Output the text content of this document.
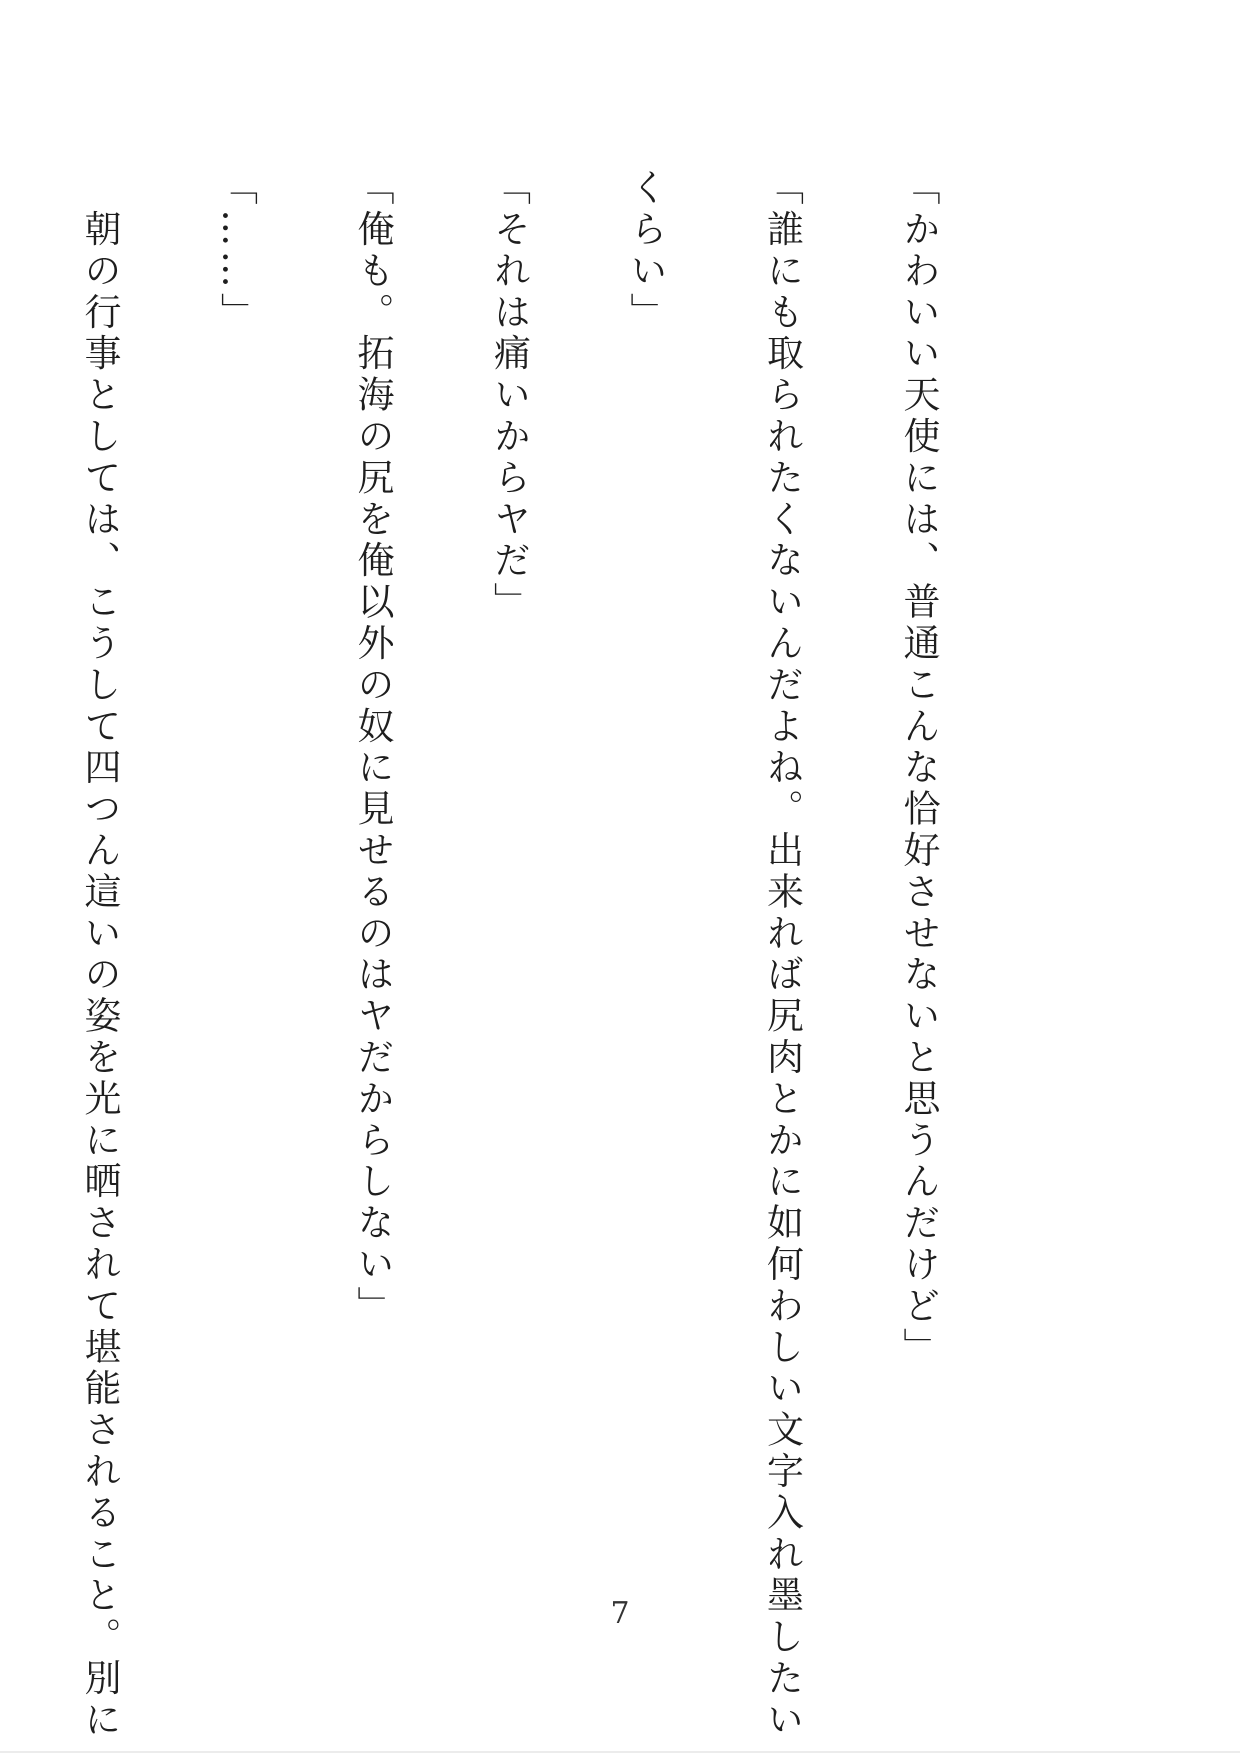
「かわいい天使には、普通こんな恰好させないと思うんだけど」

「誰にも取られたくないんだよね。出来れば尻肉とかに如何わしい文字入れ墨したい

くらい」

「それは痛いからヤだ」

「俺も。拓海の尻を俺以外の奴に見せるのはヤだからしない」

「……」

　朝の行事としては、こうして四つん這いの姿を光に晒されて堪能されること。別に

	7
